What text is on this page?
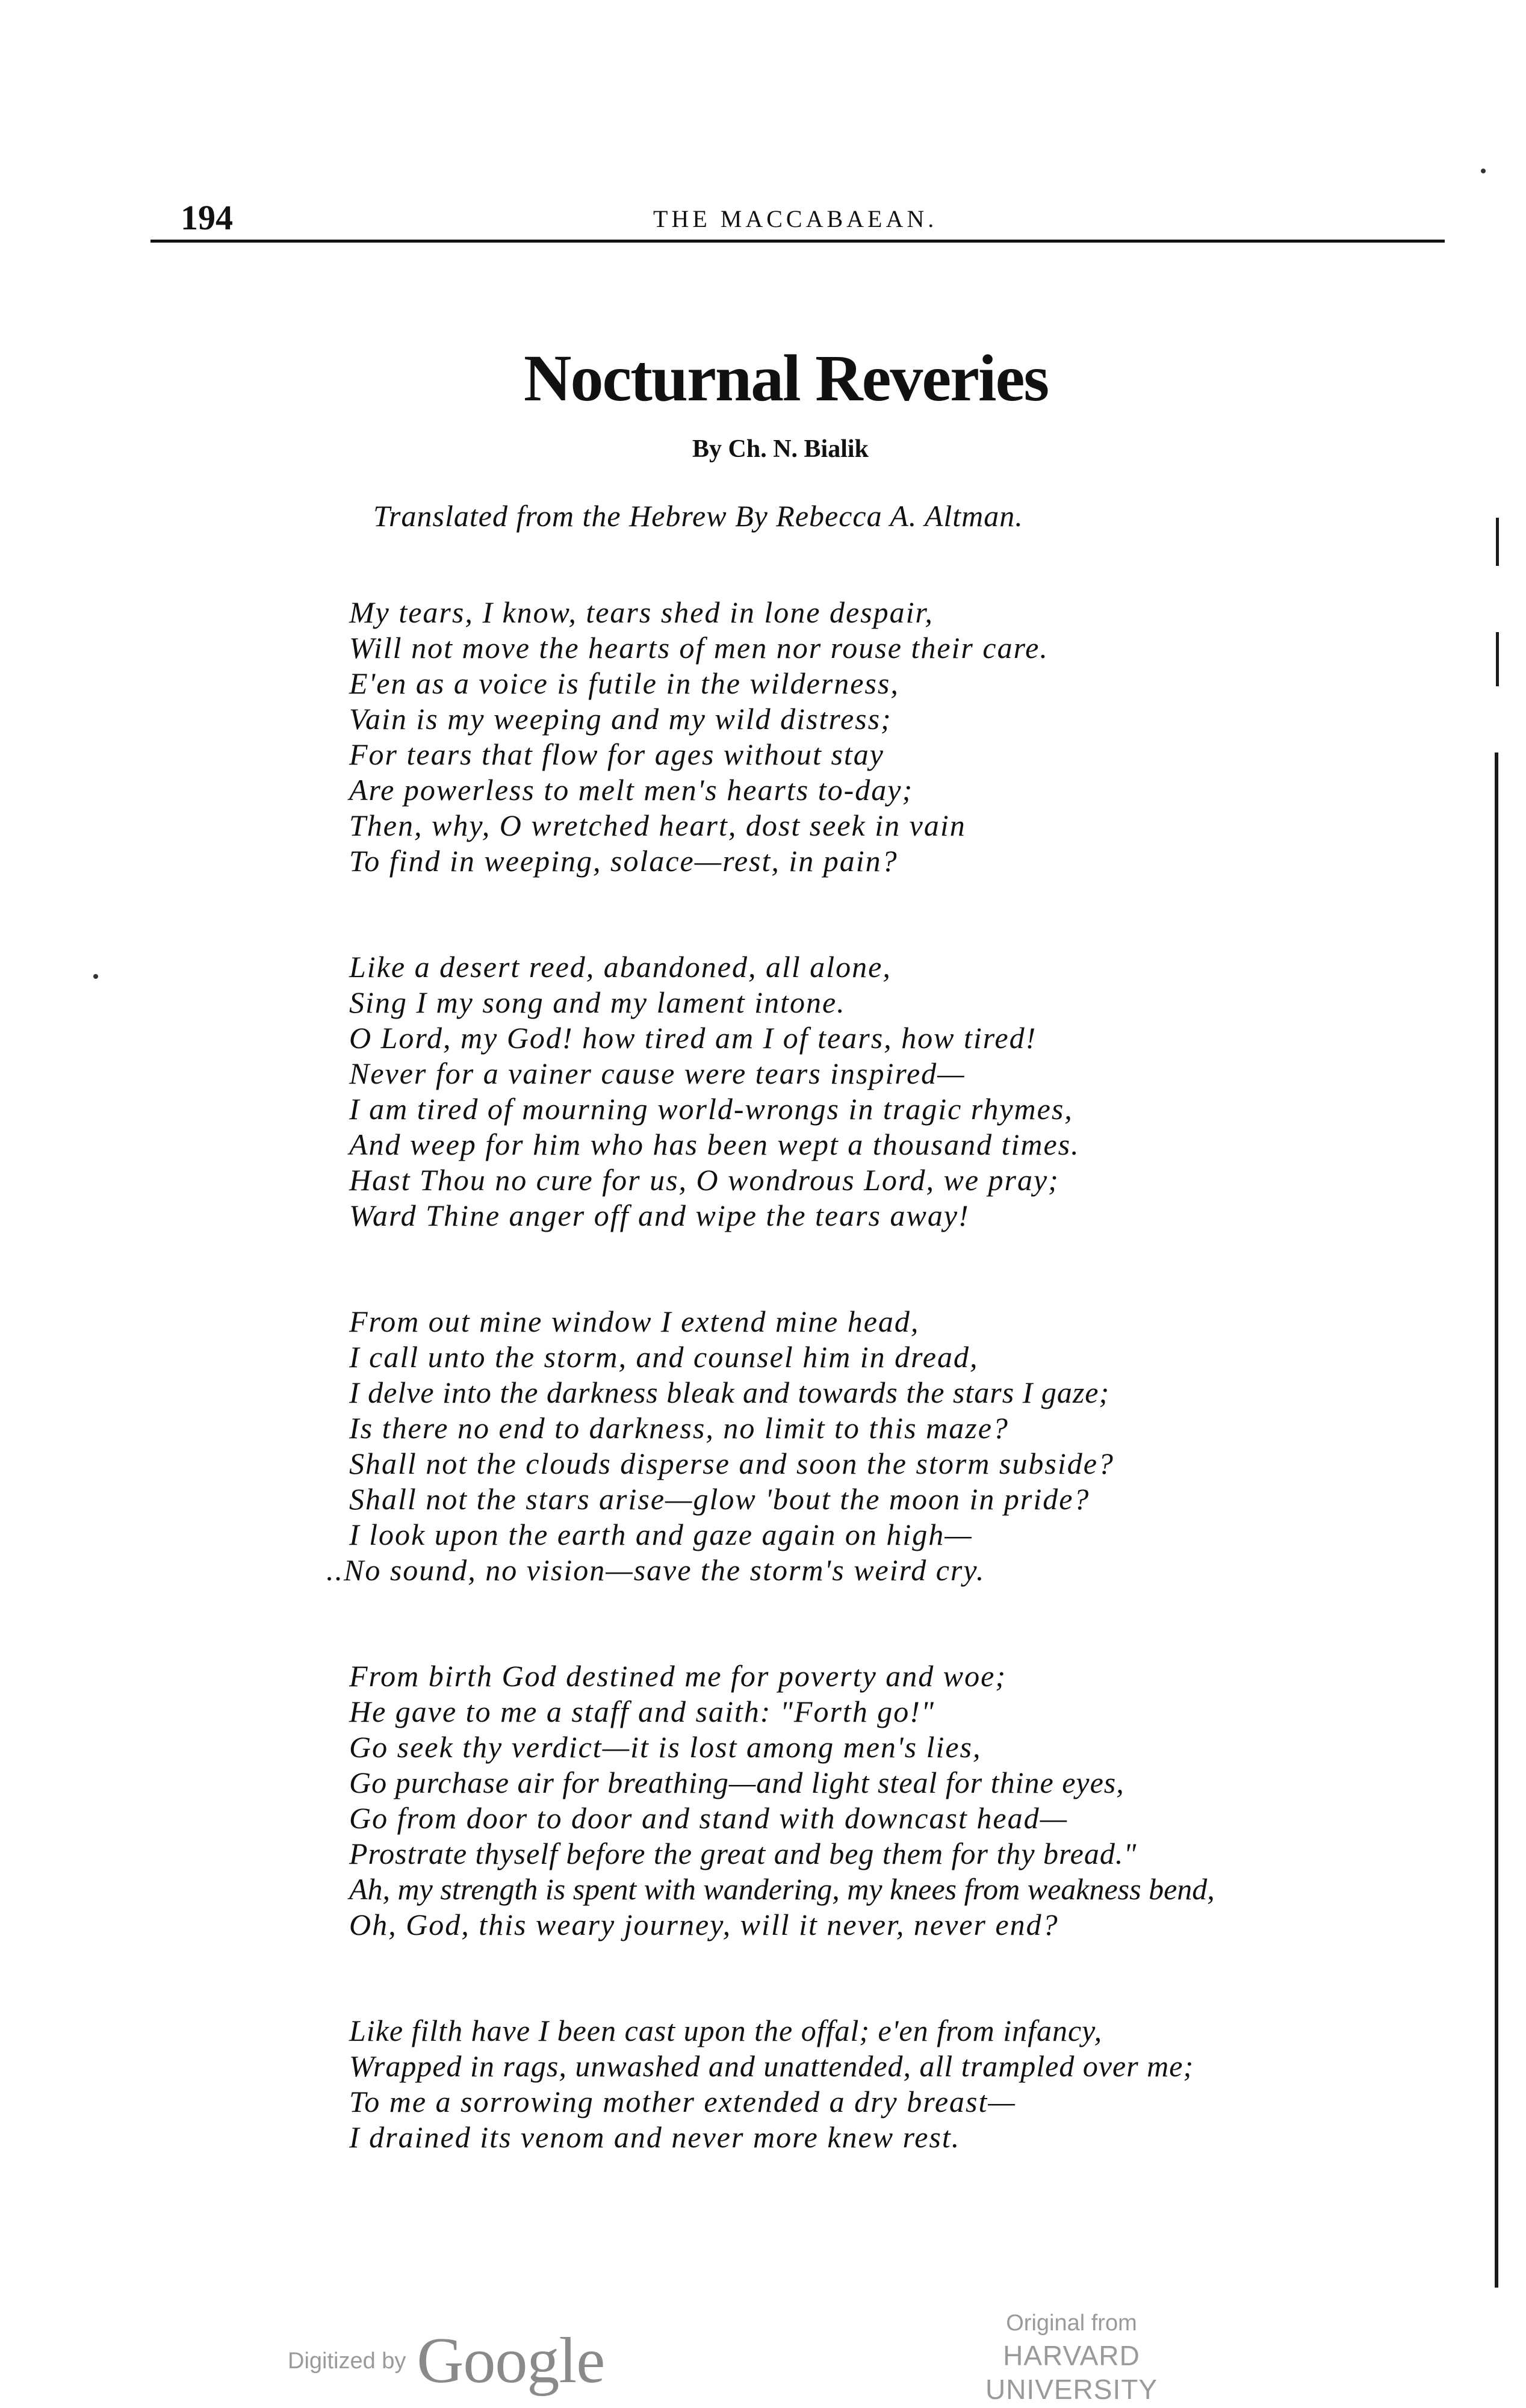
194	THE MACCABAEAN.
Nocturnal Reveries
By Ch. N. Bialik
Translated from the Hebrew By Rebecca A. Altman.
My tears, I know, tears shed in lone despair,
Will not move the hearts of men nor rouse their care.
E'en as a voice is futile in the wilderness,
Vain is my weeping and my wild distress;
For tears that flow for ages without stay
Are powerless to melt men's hearts to-day;
Then, why, O wretched heart, dost seek in vain
To find in weeping, solace—rest, in pain?
Like a desert reed, abandoned, all alone,
Sing I my song and my lament intone.
O Lord, my God! how tired am I of tears, how tired!
Never for a vainer cause were tears inspired—
I am tired of mourning world-wrongs in tragic rhymes,
And weep for him who has been wept a thousand times.
Hast Thou no cure for us, O wondrous Lord, we pray;
Ward Thine anger off and wipe the tears away!
From out mine window I extend mine head,
I call unto the storm, and counsel him in dread,
I delve into the darkness bleak and towards the stars I gaze;
Is there no end to darkness, no limit to this maze?
Shall not the clouds disperse and soon the storm subside?
Shall not the stars arise—glow 'bout the moon in pride?
I look upon the earth and gaze again on high—
..No sound, no vision—save the storm's weird cry.
From birth God destined me for poverty and woe;
He gave to me a staff and saith: "Forth go!"
Go seek thy verdict—it is lost among men's lies,
Go purchase air for breathing—and light steal for thine eyes,
Go from door to door and stand with downcast head—
Prostrate thyself before the great and beg them for thy bread."
Ah, my strength is spent with wandering, my knees from weakness bend,
Oh, God, this weary journey, will it never, never end?
Like filth have I been cast upon the offal; e'en from infancy,
Wrapped in rags, unwashed and unattended, all trampled over me;
To me a sorrowing mother extended a dry breast—
I drained its venom and never more knew rest.
Digitized by Google
Original from
HARVARD UNIVERSITY
